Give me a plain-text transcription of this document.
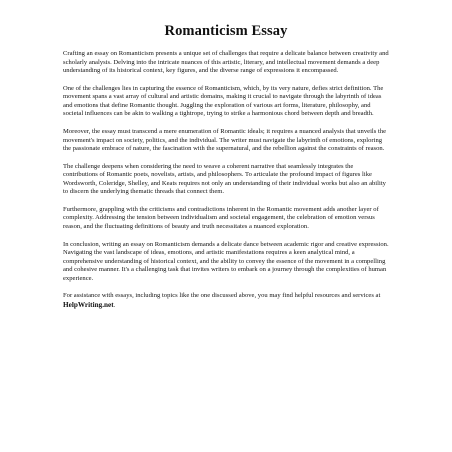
Romanticism Essay

Crafting an essay on Romanticism presents a unique set of challenges that require a delicate balance between creativity and scholarly analysis. Delving into the intricate nuances of this artistic, literary, and intellectual movement demands a deep understanding of its historical context, key figures, and the diverse range of expressions it encompassed.

One of the challenges lies in capturing the essence of Romanticism, which, by its very nature, defies strict definition. The movement spans a vast array of cultural and artistic domains, making it crucial to navigate through the labyrinth of ideas and emotions that define Romantic thought. Juggling the exploration of various art forms, literature, philosophy, and societal influences can be akin to walking a tightrope, trying to strike a harmonious chord between depth and breadth.

Moreover, the essay must transcend a mere enumeration of Romantic ideals; it requires a nuanced analysis that unveils the movement's impact on society, politics, and the individual. The writer must navigate the labyrinth of emotions, exploring the passionate embrace of nature, the fascination with the supernatural, and the rebellion against the constraints of reason.

The challenge deepens when considering the need to weave a coherent narrative that seamlessly integrates the contributions of Romantic poets, novelists, artists, and philosophers. To articulate the profound impact of figures like Wordsworth, Coleridge, Shelley, and Keats requires not only an understanding of their individual works but also an ability to discern the underlying thematic threads that connect them.

Furthermore, grappling with the criticisms and contradictions inherent in the Romantic movement adds another layer of complexity. Addressing the tension between individualism and societal engagement, the celebration of emotion versus reason, and the fluctuating definitions of beauty and truth necessitates a nuanced exploration.

In conclusion, writing an essay on Romanticism demands a delicate dance between academic rigor and creative expression. Navigating the vast landscape of ideas, emotions, and artistic manifestations requires a keen analytical mind, a comprehensive understanding of historical context, and the ability to convey the essence of the movement in a compelling and cohesive manner. It's a challenging task that invites writers to embark on a journey through the complexities of human experience.

For assistance with essays, including topics like the one discussed above, you may find helpful resources and services at HelpWriting.net.
